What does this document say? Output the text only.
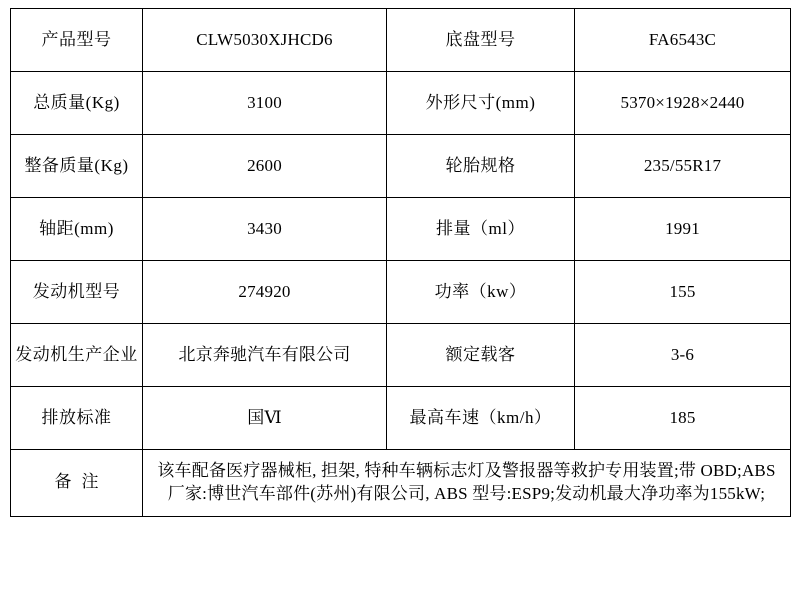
产品型号	CLW5030XJHCD6	底盘型号	FA6543C
总质量(Kg)	3100	外形尺寸(mm)	5370×1928×2440
整备质量(Kg)	2600	轮胎规格	235/55R17
轴距(mm)	3430	排量（ml）	1991
发动机型号	274920	功率（kw）	155
发动机生产企业	北京奔驰汽车有限公司	额定载客	3-6
排放标准	国Ⅵ	最高车速（km/h）	185
备注	该车配备医疗器械柜, 担架, 特种车辆标志灯及警报器等救护专用装置;带 OBD;ABS 厂家:博世汽车部件(苏州)有限公司, ABS 型号:ESP9;发动机最大净功率为155kW;		
